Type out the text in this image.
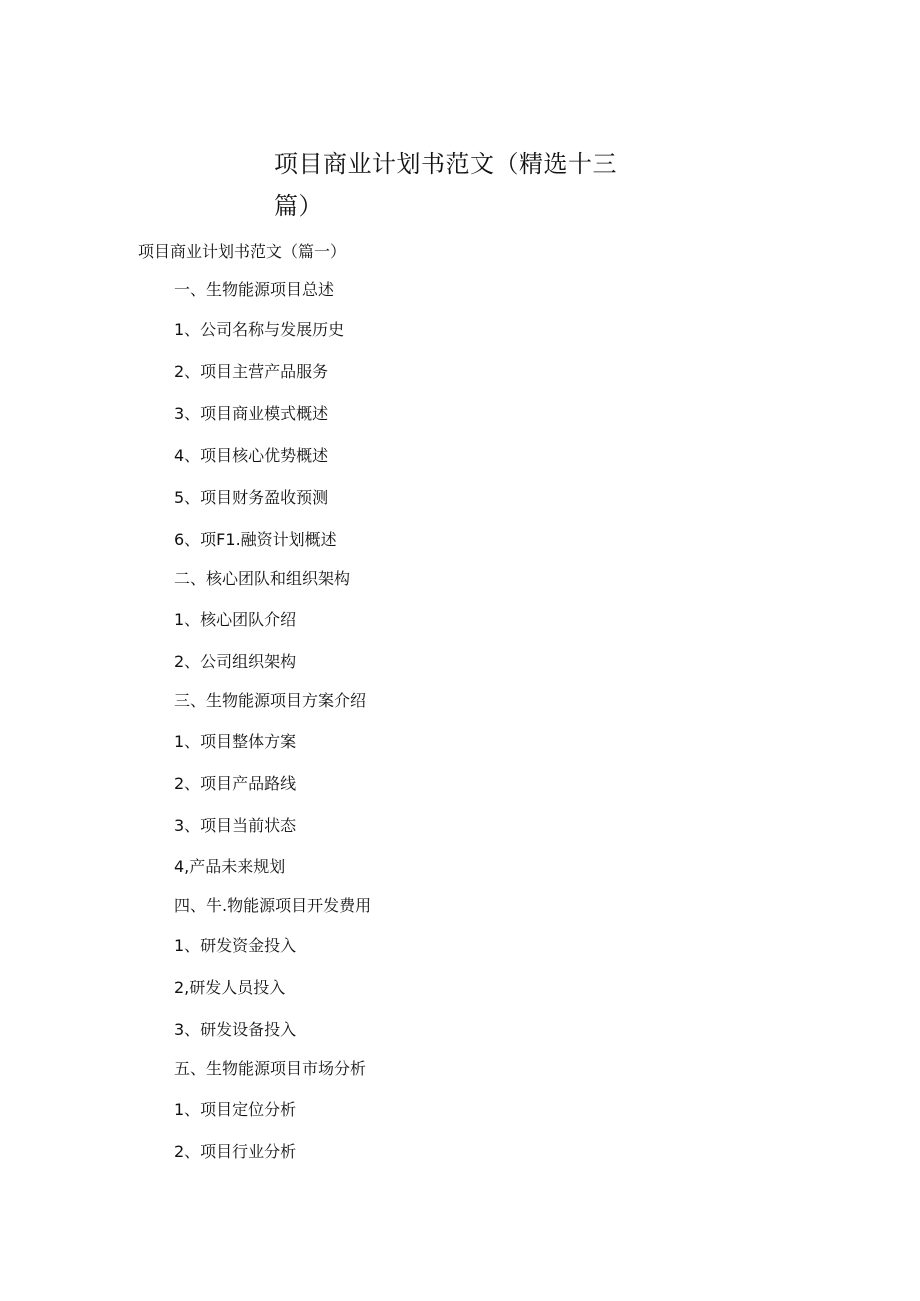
项目商业计划书范文（精选十三篇）

项目商业计划书范文（篇一）

一、生物能源项目总述
1、公司名称与发展历史
2、项目主营产品服务
3、项目商业模式概述
4、项目核心优势概述
5、项目财务盈收预测
6、项F1.融资计划概述
二、核心团队和组织架构
1、核心团队介绍
2、公司组织架构
三、生物能源项目方案介绍
1、项目整体方案
2、项目产品路线
3、项目当前状态
4,产品未来规划
四、牛.物能源项目开发费用
1、研发资金投入
2,研发人员投入
3、研发设备投入
五、生物能源项目市场分析
1、项目定位分析
2、项目行业分析
